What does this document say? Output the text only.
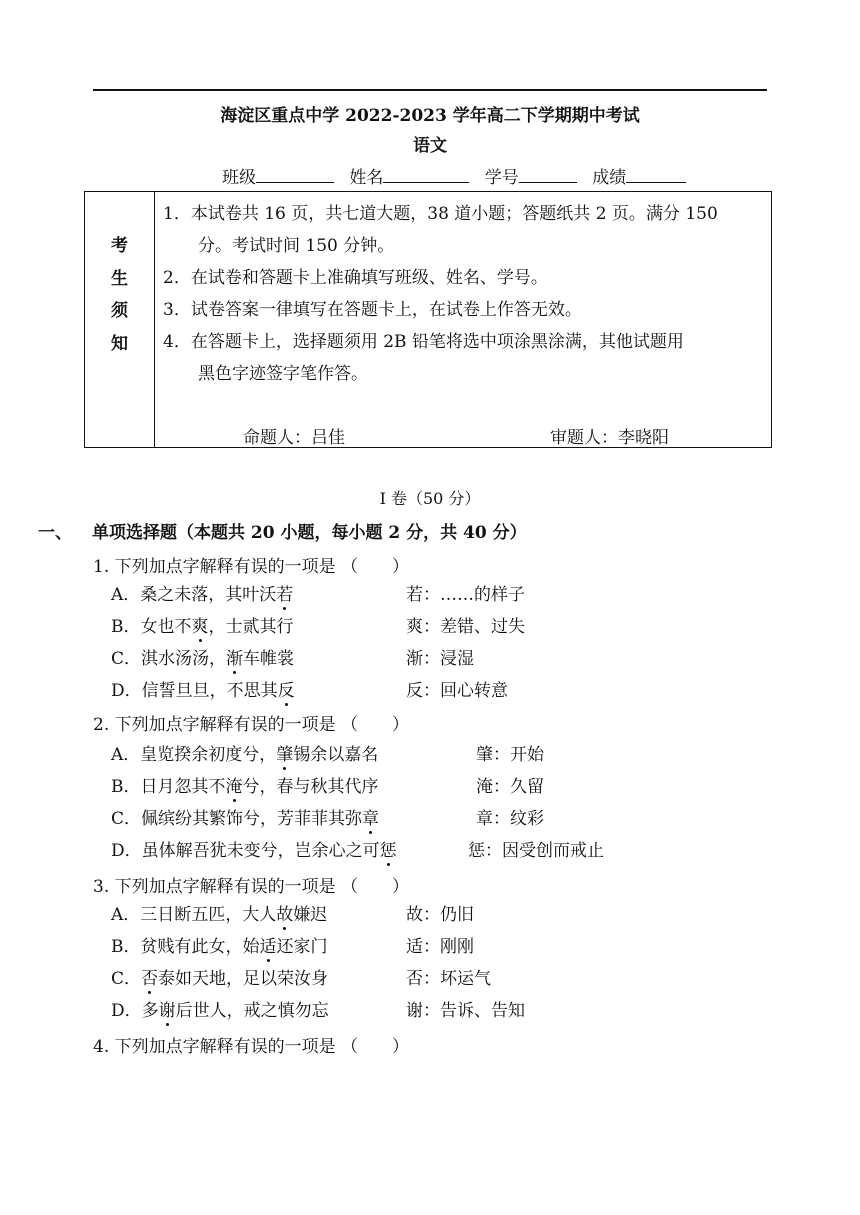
海淀区重点中学 2022-2023 学年高二下学期期中考试
语文
班级	姓名	学号	成绩
考
生
须
知
1．本试卷共 16 页，共七道大题，38 道小题；答题纸共 2 页。满分 150
分。考试时间 150 分钟。
2．在试卷和答题卡上准确填写班级、姓名、学号。
3．试卷答案一律填写在答题卡上，在试卷上作答无效。
4．在答题卡上，选择题须用 2B 铅笔将选中项涂黑涂满，其他试题用
黑色字迹签字笔作答。
命题人：吕佳	审题人：李晓阳
I 卷（50 分）
一、 单项选择题（本题共 20 小题，每小题 2 分，共 40 分）
1. 下列加点字解释有误的一项是 （　　）
A．桑之未落，其叶沃若	若：……的样子
B．女也不爽，士贰其行	爽：差错、过失
C．淇水汤汤，渐车帷裳	渐：浸湿
D．信誓旦旦，不思其反	反：回心转意
2. 下列加点字解释有误的一项是 （　　）
A．皇览揆余初度兮，肇锡余以嘉名	肇：开始
B．日月忽其不淹兮，春与秋其代序	淹：久留
C．佩缤纷其繁饰兮，芳菲菲其弥章	章：纹彩
D．虽体解吾犹未变兮，岂余心之可惩	惩：因受创而戒止
3. 下列加点字解释有误的一项是 （　　）
A．三日断五匹，大人故嫌迟	故：仍旧
B．贫贱有此女，始适还家门	适：刚刚
C．否泰如天地，足以荣汝身	否：坏运气
D．多谢后世人，戒之慎勿忘	谢：告诉、告知
4. 下列加点字解释有误的一项是 （　　）
